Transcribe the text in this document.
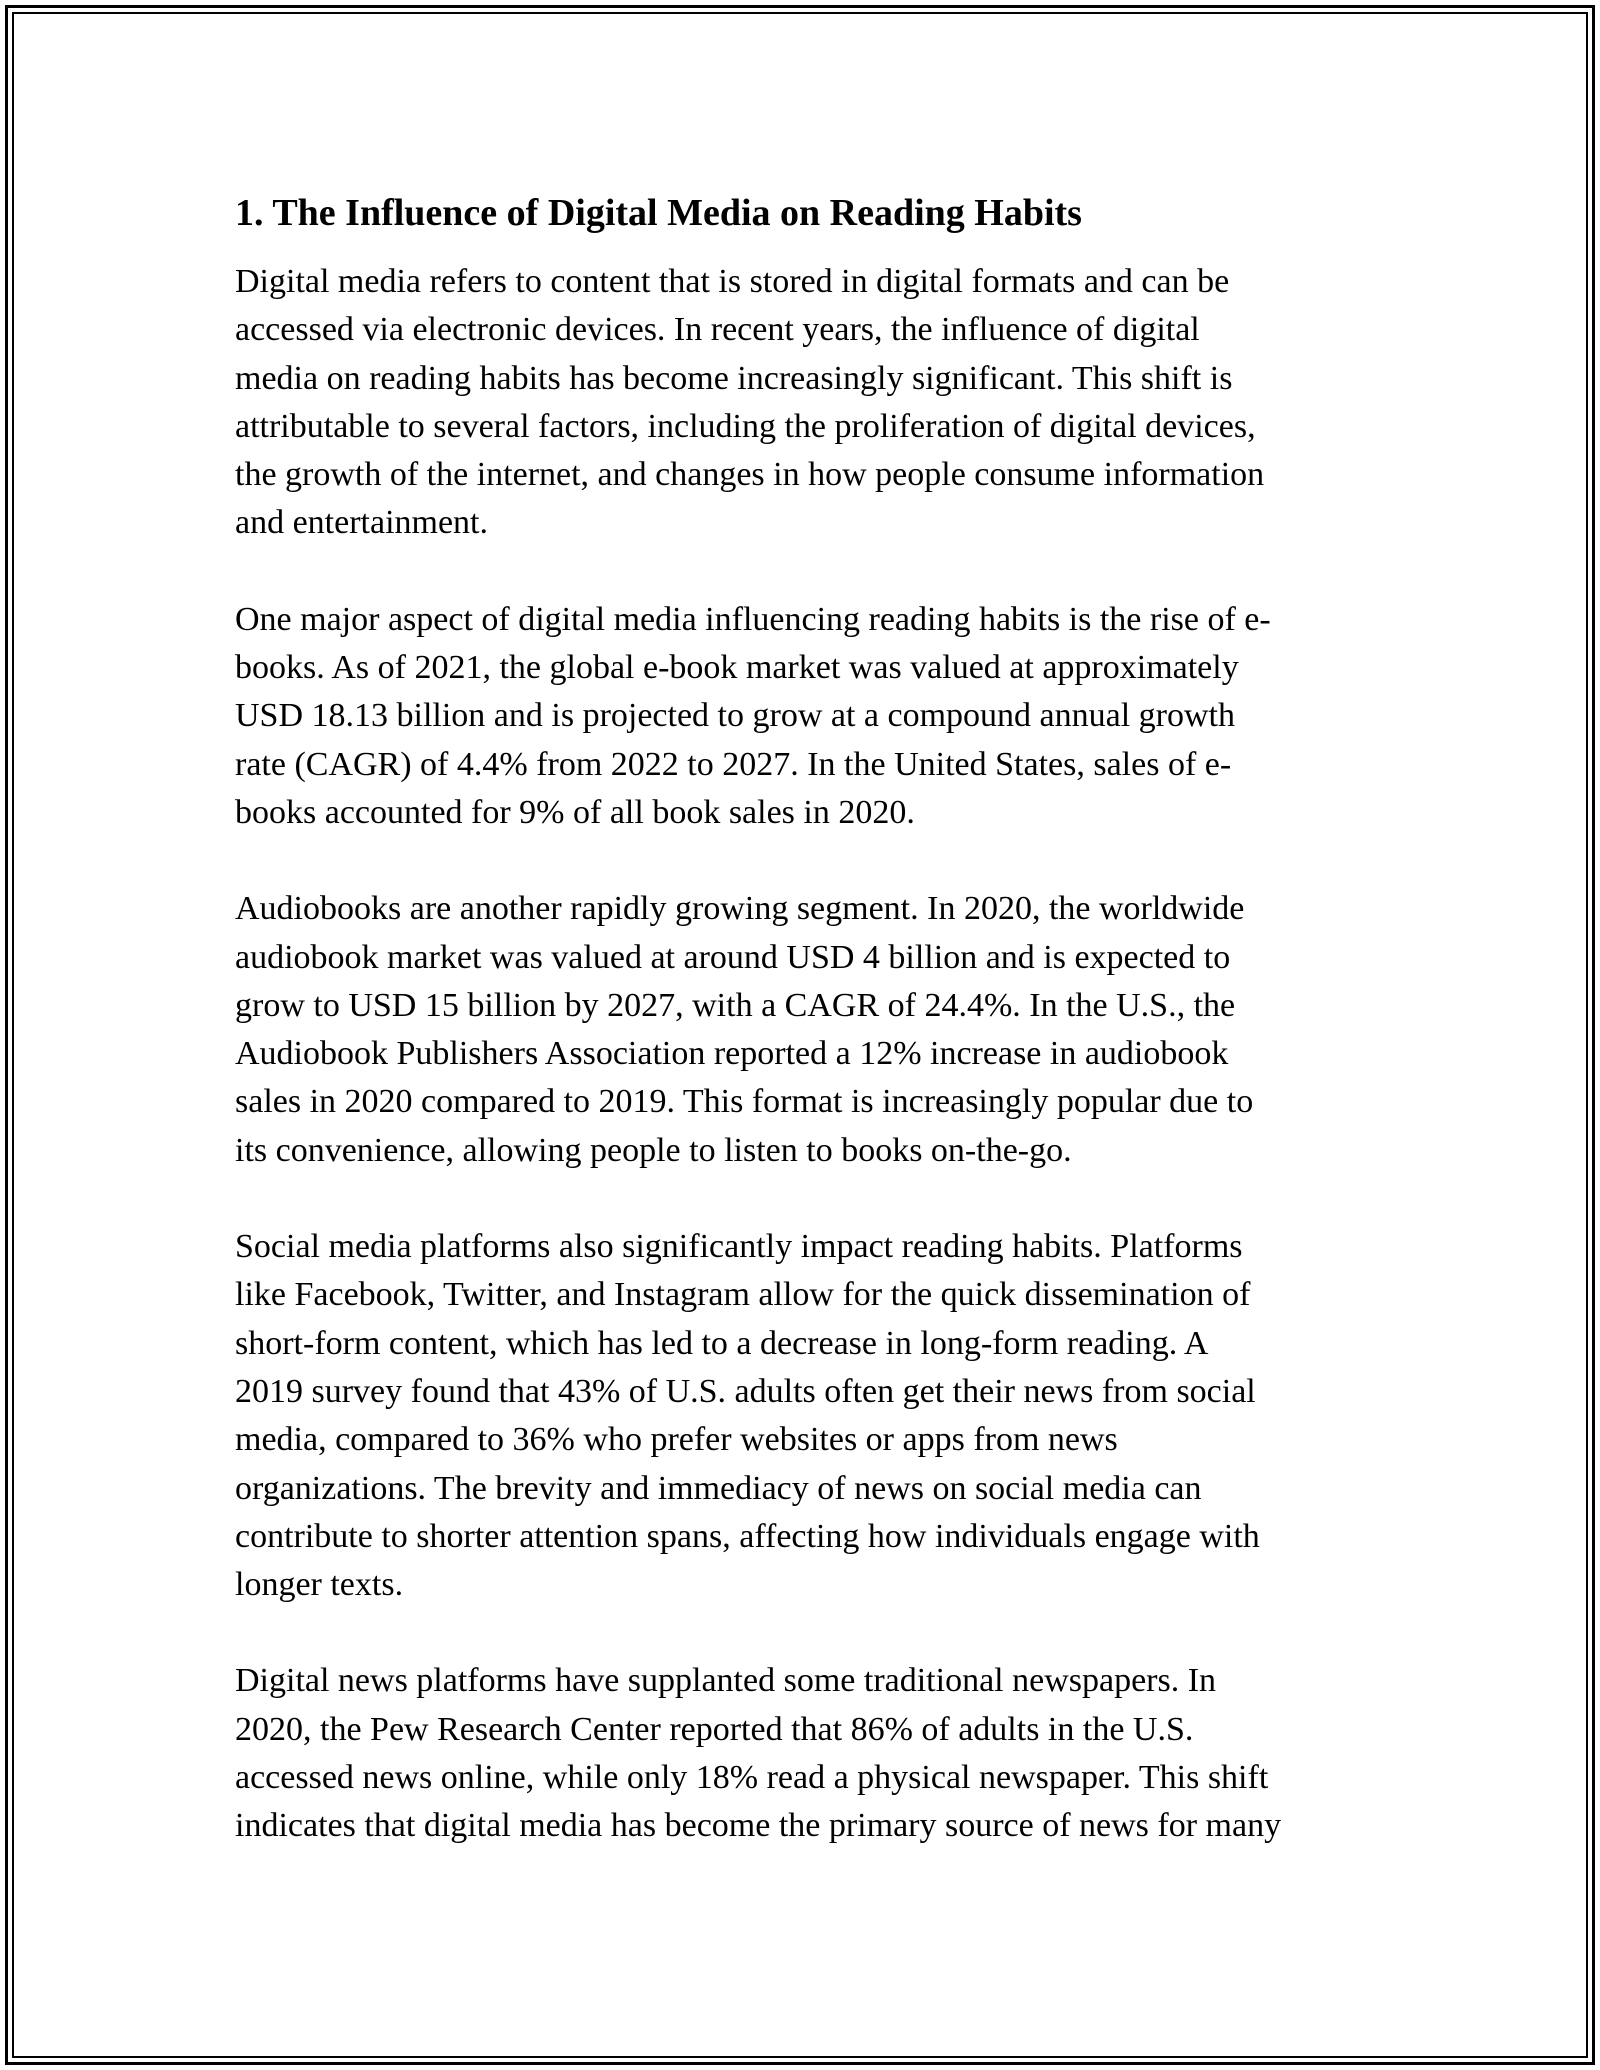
1. The Influence of Digital Media on Reading Habits

Digital media refers to content that is stored in digital formats and can be
accessed via electronic devices. In recent years, the influence of digital
media on reading habits has become increasingly significant. This shift is
attributable to several factors, including the proliferation of digital devices,
the growth of the internet, and changes in how people consume information
and entertainment.

One major aspect of digital media influencing reading habits is the rise of e-
books. As of 2021, the global e-book market was valued at approximately
USD 18.13 billion and is projected to grow at a compound annual growth
rate (CAGR) of 4.4% from 2022 to 2027. In the United States, sales of e-
books accounted for 9% of all book sales in 2020.

Audiobooks are another rapidly growing segment. In 2020, the worldwide
audiobook market was valued at around USD 4 billion and is expected to
grow to USD 15 billion by 2027, with a CAGR of 24.4%. In the U.S., the
Audiobook Publishers Association reported a 12% increase in audiobook
sales in 2020 compared to 2019. This format is increasingly popular due to
its convenience, allowing people to listen to books on-the-go.

Social media platforms also significantly impact reading habits. Platforms
like Facebook, Twitter, and Instagram allow for the quick dissemination of
short-form content, which has led to a decrease in long-form reading. A
2019 survey found that 43% of U.S. adults often get their news from social
media, compared to 36% who prefer websites or apps from news
organizations. The brevity and immediacy of news on social media can
contribute to shorter attention spans, affecting how individuals engage with
longer texts.

Digital news platforms have supplanted some traditional newspapers. In
2020, the Pew Research Center reported that 86% of adults in the U.S.
accessed news online, while only 18% read a physical newspaper. This shift
indicates that digital media has become the primary source of news for many
